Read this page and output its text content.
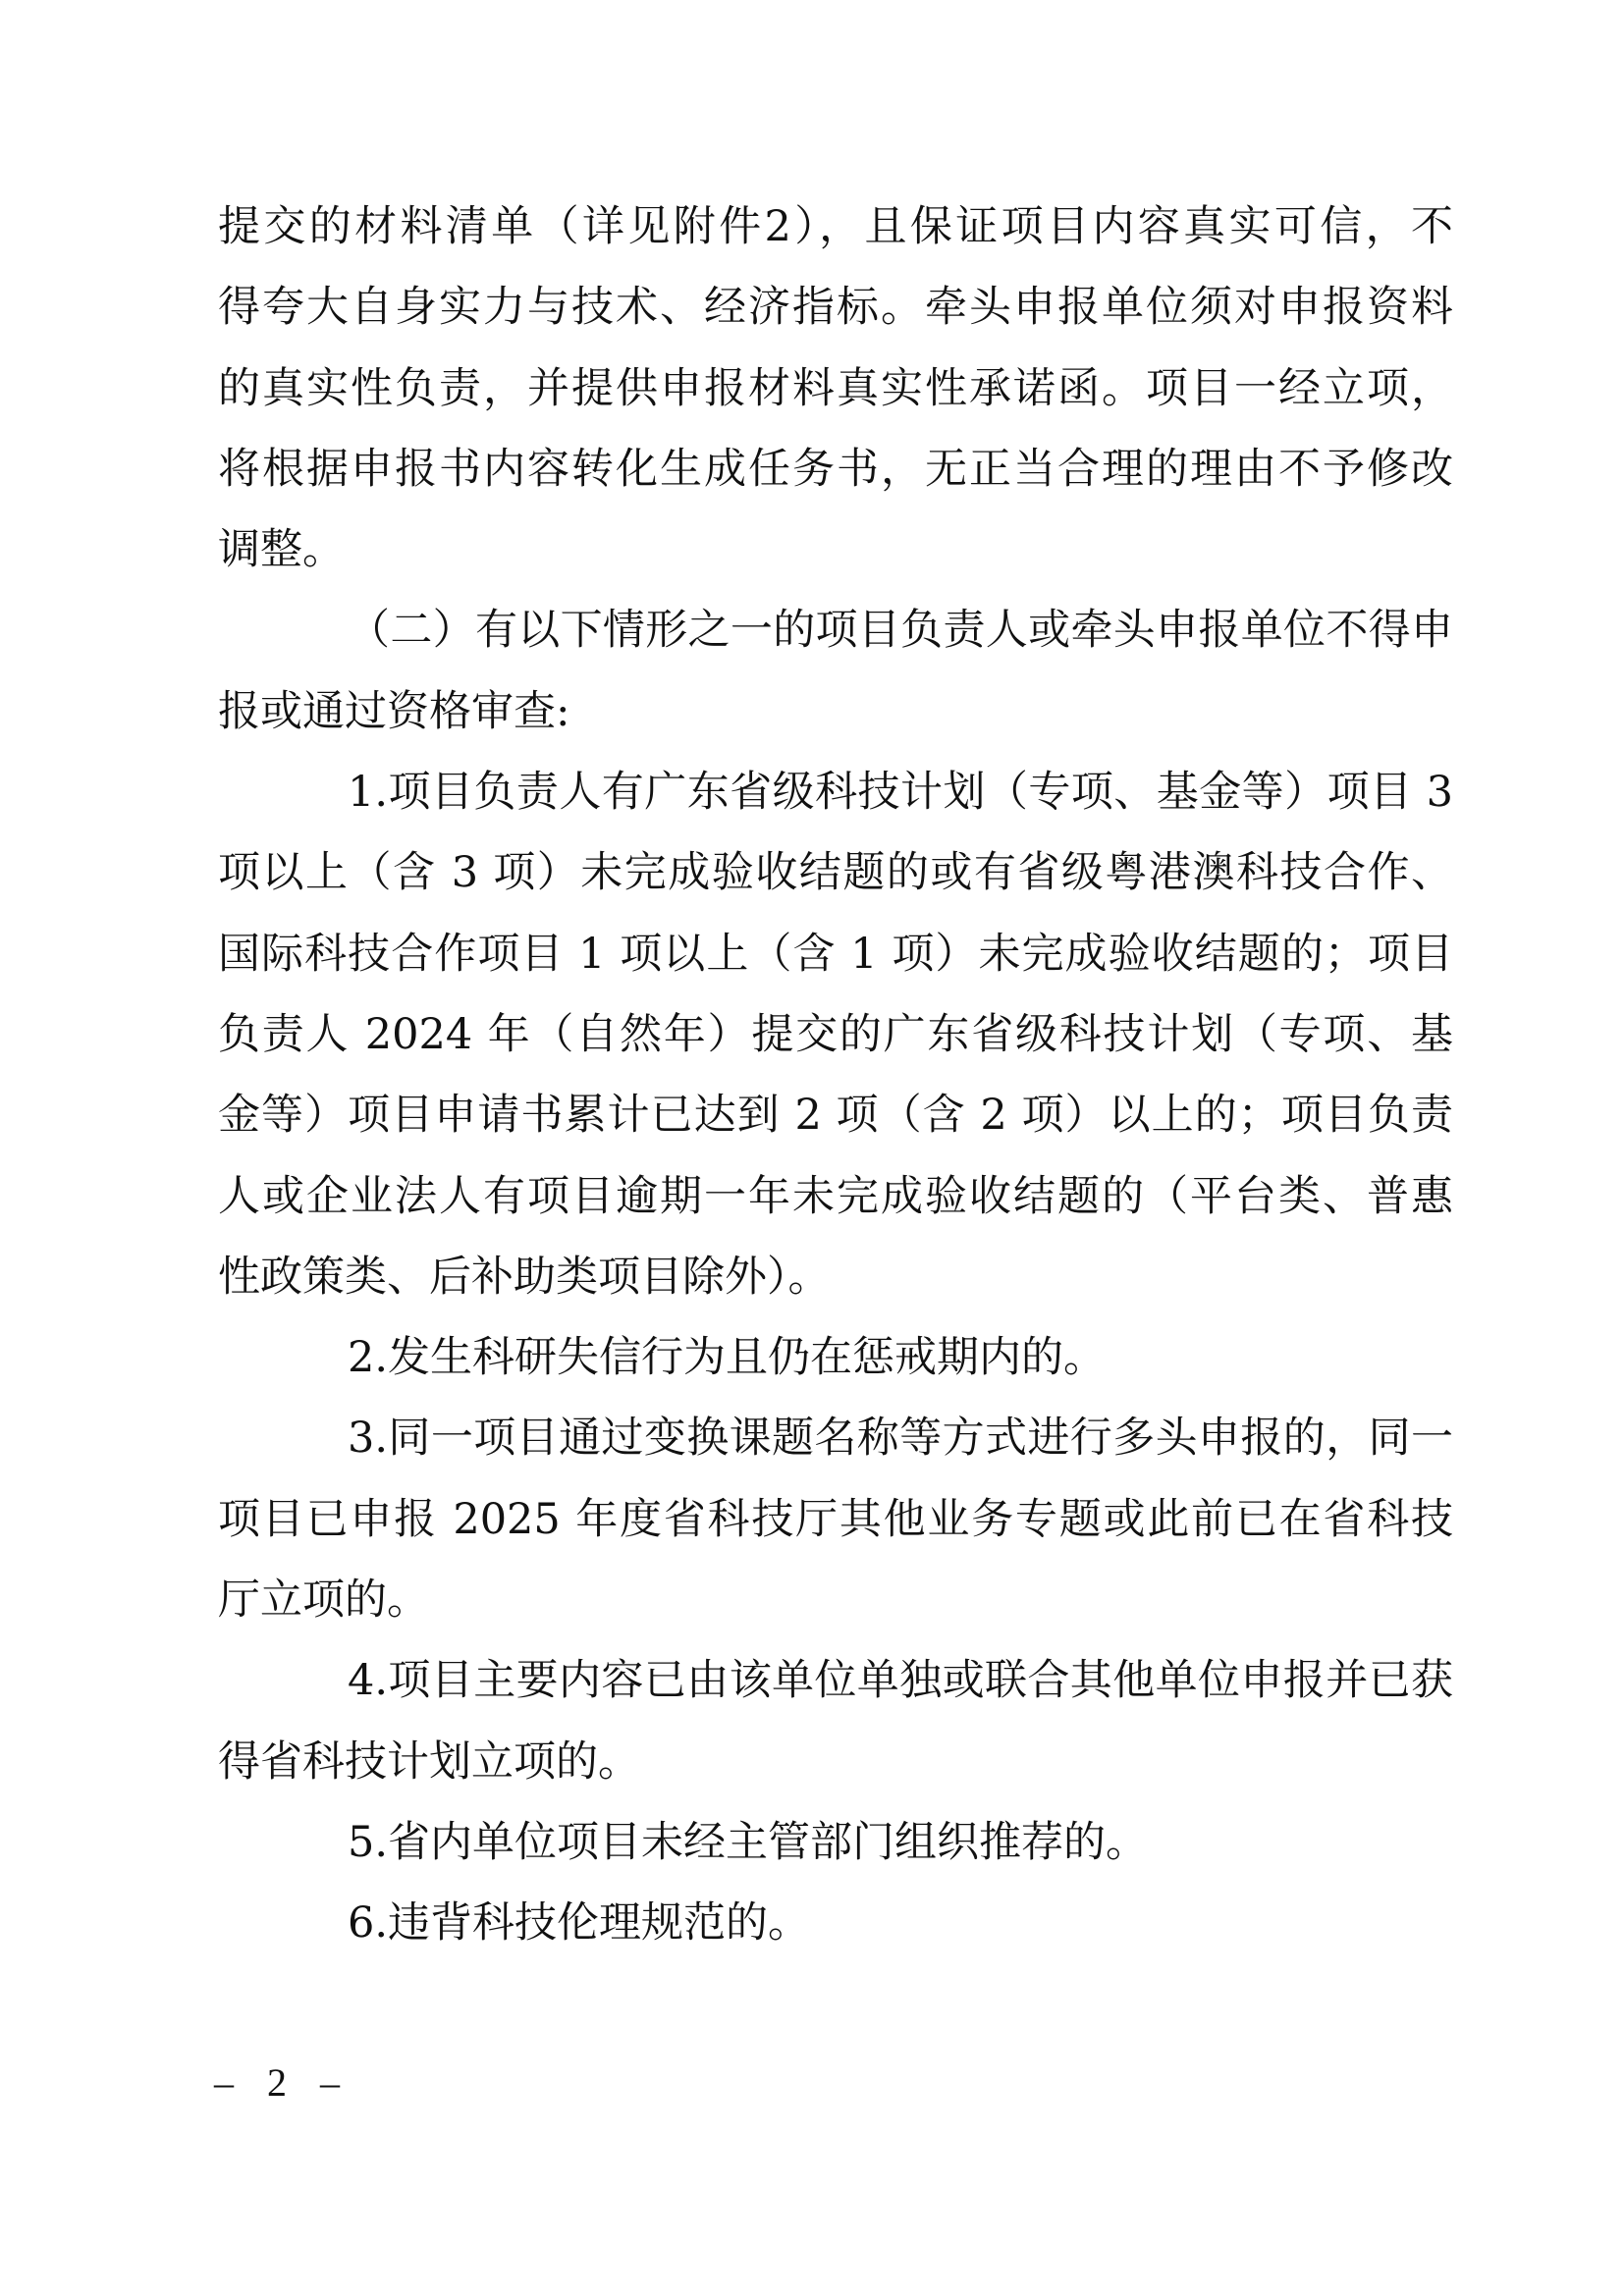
提交的材料清单（详见附件2），且保证项目内容真实可信，不
得夸大自身实力与技术、经济指标。牵头申报单位须对申报资料
的真实性负责，并提供申报材料真实性承诺函。项目一经立项，
将根据申报书内容转化生成任务书，无正当合理的理由不予修改
调整。
（二）有以下情形之一的项目负责人或牵头申报单位不得申
报或通过资格审查:
1.项目负责人有广东省级科技计划（专项、基金等）项目 3
项以上（含 3 项）未完成验收结题的或有省级粤港澳科技合作、
国际科技合作项目 1 项以上（含 1 项）未完成验收结题的；项目
负责人 2024 年（自然年）提交的广东省级科技计划（专项、基
金等）项目申请书累计已达到 2 项（含 2 项）以上的；项目负责
人或企业法人有项目逾期一年未完成验收结题的（平台类、普惠
性政策类、后补助类项目除外）。
2.发生科研失信行为且仍在惩戒期内的。
3.同一项目通过变换课题名称等方式进行多头申报的，同一
项目已申报 2025 年度省科技厅其他业务专题或此前已在省科技
厅立项的。
4.项目主要内容已由该单位单独或联合其他单位申报并已获
得省科技计划立项的。
5.省内单位项目未经主管部门组织推荐的。
6.违背科技伦理规范的。
– 2 –
